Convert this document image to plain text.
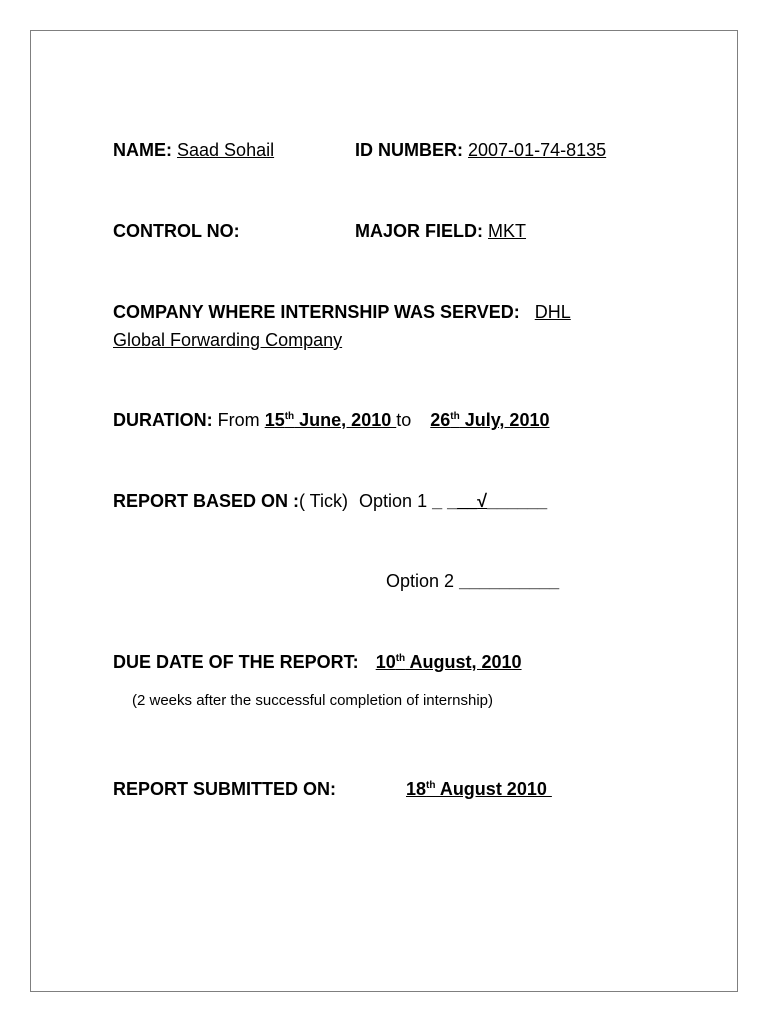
NAME: Saad Sohail	ID NUMBER: 2007-01-74-8135
CONTROL NO:	MAJOR FIELD: MKT
COMPANY WHERE INTERNSHIP WAS SERVED: DHL
Global Forwarding Company
DURATION: From 15th June, 2010 to 26th July, 2010
REPORT BASED ON :( Tick) Option 1 _ ___√______
Option 2 __________
DUE DATE OF THE REPORT: 10th August, 2010
(2 weeks after the successful completion of internship)
REPORT SUBMITTED ON:	18th August 2010
